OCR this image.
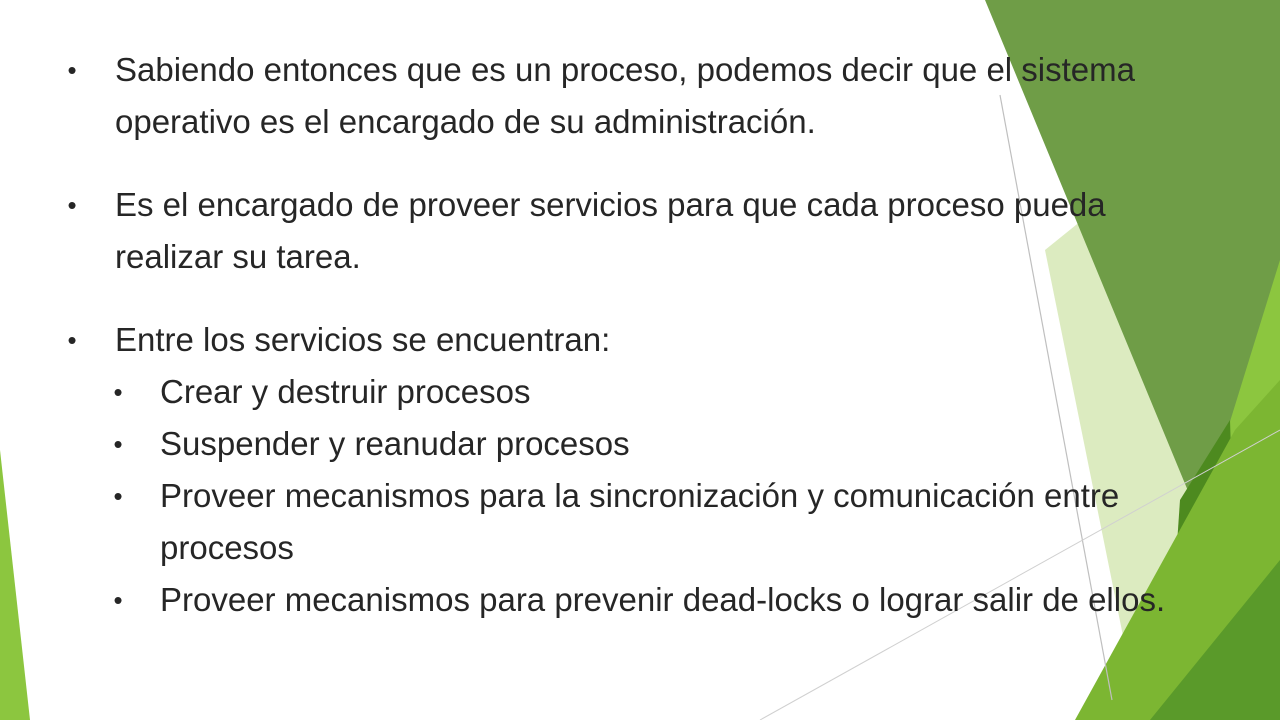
•	Sabiendo entonces que es un proceso, podemos decir que el sistema operativo es el encargado de su administración.
•	Es el encargado de proveer servicios para que cada proceso pueda realizar su tarea.
•	Entre los servicios se encuentran:
•	Crear y destruir procesos
•	Suspender y reanudar procesos
•	Proveer mecanismos para la sincronización y comunicación entre procesos
•	Proveer mecanismos para prevenir dead-locks o lograr salir de ellos.
